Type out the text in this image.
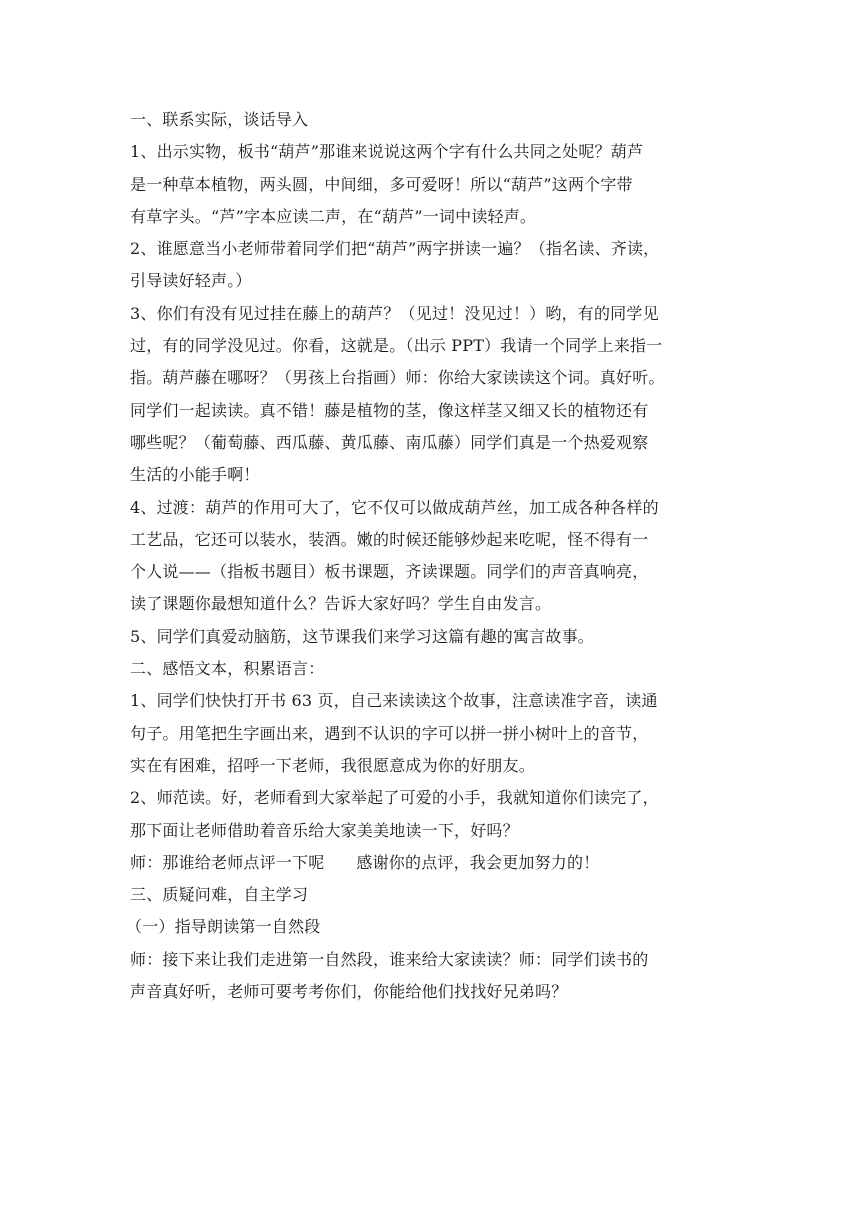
一、联系实际，谈话导入
1、出示实物，板书“葫芦”那谁来说说这两个字有什么共同之处呢？葫芦
是一种草本植物，两头圆，中间细，多可爱呀！所以“葫芦”这两个字带
有草字头。“芦”字本应读二声，在“葫芦”一词中读轻声。
2、谁愿意当小老师带着同学们把“葫芦”两字拼读一遍？（指名读、齐读，
引导读好轻声。）
3、你们有没有见过挂在藤上的葫芦？（见过！没见过！）哟，有的同学见
过，有的同学没见过。你看，这就是。（出示 PPT）我请一个同学上来指一
指。葫芦藤在哪呀？（男孩上台指画）师：你给大家读读这个词。真好听。
同学们一起读读。真不错！藤是植物的茎，像这样茎又细又长的植物还有
哪些呢？（葡萄藤、西瓜藤、黄瓜藤、南瓜藤）同学们真是一个热爱观察
生活的小能手啊！
4、过渡：葫芦的作用可大了，它不仅可以做成葫芦丝，加工成各种各样的
工艺品，它还可以装水，装酒。嫩的时候还能够炒起来吃呢，怪不得有一
个人说——（指板书题目）板书课题，齐读课题。同学们的声音真响亮，
读了课题你最想知道什么？告诉大家好吗？学生自由发言。
5、同学们真爱动脑筋，这节课我们来学习这篇有趣的寓言故事。
二、感悟文本，积累语言：
1、同学们快快打开书 63 页，自己来读读这个故事，注意读准字音，读通
句子。用笔把生字画出来，遇到不认识的字可以拼一拼小树叶上的音节，
实在有困难，招呼一下老师，我很愿意成为你的好朋友。
2、师范读。好，老师看到大家举起了可爱的小手，我就知道你们读完了，
那下面让老师借助着音乐给大家美美地读一下，好吗？
师：那谁给老师点评一下呢 感谢你的点评，我会更加努力的！
三、质疑问难，自主学习
（一）指导朗读第一自然段
师：接下来让我们走进第一自然段，谁来给大家读读？师：同学们读书的
声音真好听，老师可要考考你们，你能给他们找找好兄弟吗？
